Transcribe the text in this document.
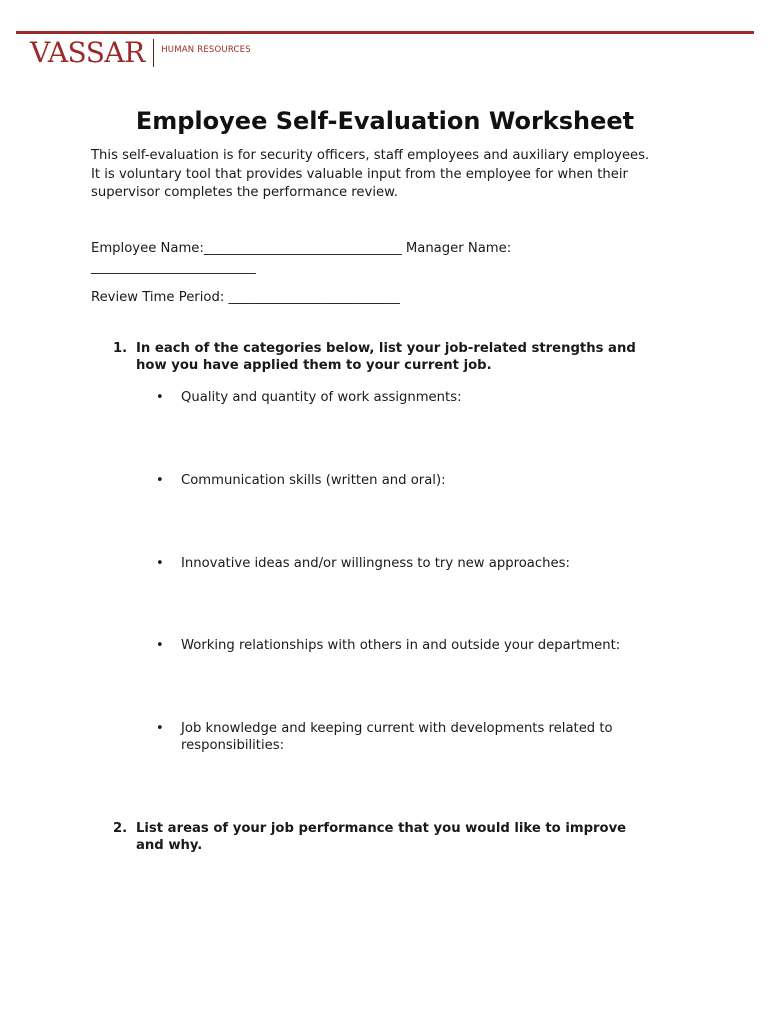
VASSAR HUMAN RESOURCES
Employee Self-Evaluation Worksheet
This self-evaluation is for security officers, staff employees and auxiliary employees.
It is voluntary tool that provides valuable input from the employee for when their
supervisor completes the performance review.
Employee Name:______________________________ Manager Name:
_________________________
Review Time Period: __________________________
1. In each of the categories below, list your job-related strengths and
how you have applied them to your current job.
•	Quality and quantity of work assignments:
•	Communication skills (written and oral):
•	Innovative ideas and/or willingness to try new approaches:
•	Working relationships with others in and outside your department:
•	Job knowledge and keeping current with developments related to
responsibilities:
2. List areas of your job performance that you would like to improve
and why.
